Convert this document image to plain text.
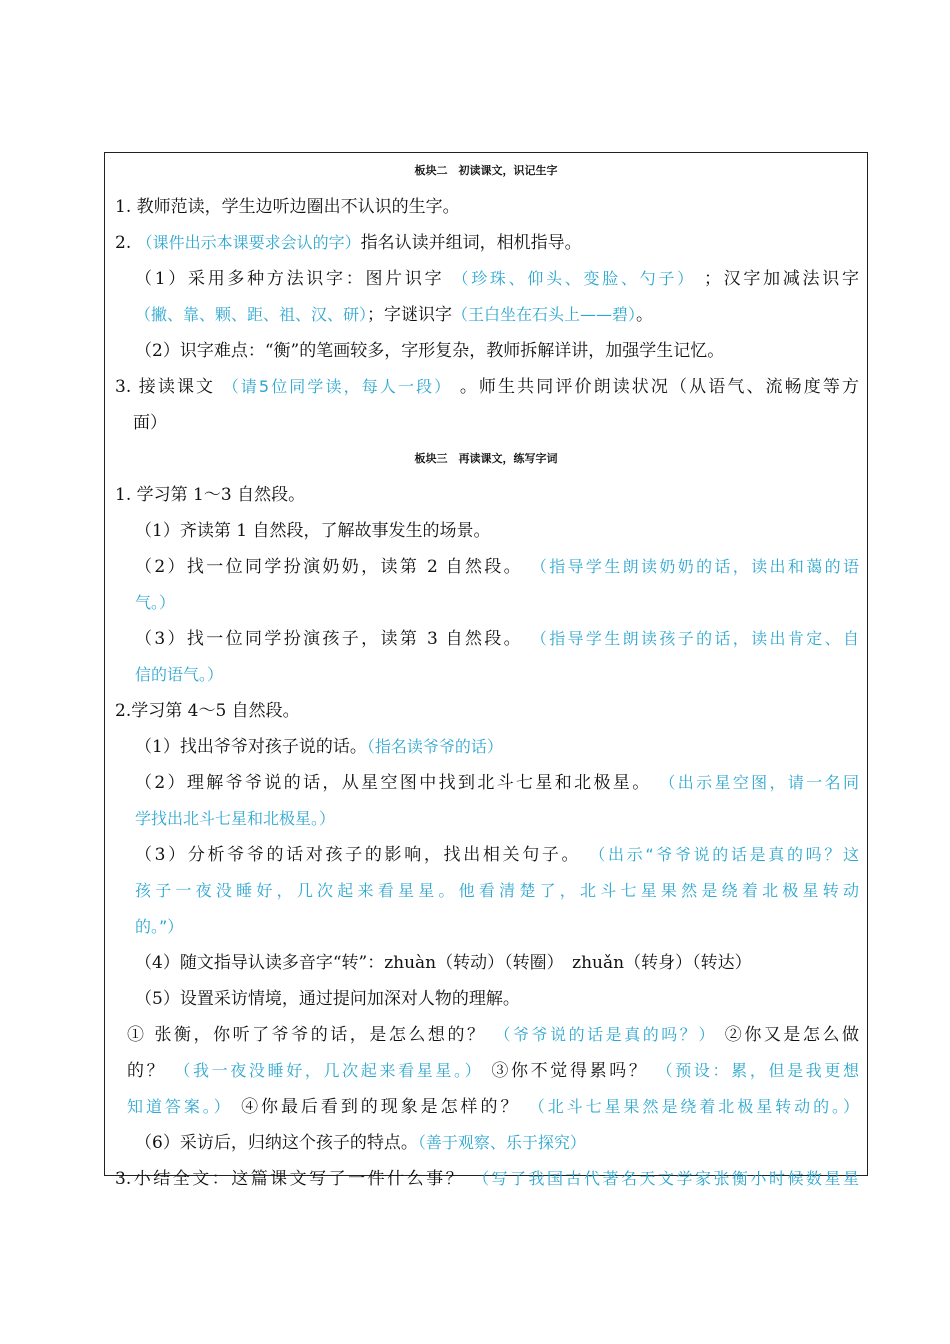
板块二　初读课文，识记生字
1. 教师范读，学生边听边圈出不认识的生字。
2. （课件出示本课要求会认的字）指名认读并组词，相机指导。
（1）采用多种方法识字：图片识字 （珍珠、仰头、变脸、勺子） ；汉字加减法识字
（撇、靠、颗、距、祖、汉、研）；字谜识字（王白坐在石头上——碧）。
（2）识字难点：“衡”的笔画较多，字形复杂，教师拆解详讲，加强学生记忆。
3. 接读课文 （请5位同学读，每人一段） 。师生共同评价朗读状况（从语气、流畅度等方
面）
板块三　再读课文，练写字词
1. 学习第 1～3 自然段。
（1）齐读第 1 自然段，了解故事发生的场景。
（2）找一位同学扮演奶奶，读第 2 自然段。 （指导学生朗读奶奶的话，读出和蔼的语
气。）
（3）找一位同学扮演孩子，读第 3 自然段。 （指导学生朗读孩子的话，读出肯定、自
信的语气。）
2.学习第 4～5 自然段。
（1）找出爷爷对孩子说的话。（指名读爷爷的话）
（2）理解爷爷说的话，从星空图中找到北斗七星和北极星。 （出示星空图，请一名同
学找出北斗七星和北极星。）
（3）分析爷爷的话对孩子的影响，找出相关句子。 （出示“爷爷说的话是真的吗？这
孩子一夜没睡好，几次起来看星星。他看清楚了，北斗七星果然是绕着北极星转动
的。”）
（4）随文指导认读多音字“转”：zhuàn（转动）（转圈）　zhuǎn（转身）（转达）
（5）设置采访情境，通过提问加深对人物的理解。
① 张衡，你听了爷爷的话，是怎么想的？ （爷爷说的话是真的吗？） ②你又是怎么做
的？ （我一夜没睡好，几次起来看星星。） ③你不觉得累吗？ （预设：累，但是我更想
知道答案。） ④你最后看到的现象是怎样的？ （北斗七星果然是绕着北极星转动的。）
（6）采访后，归纳这个孩子的特点。（善于观察、乐于探究）
3.小结全文：这篇课文写了一件什么事？ （写了我国古代著名天文学家张衡小时候数星星
